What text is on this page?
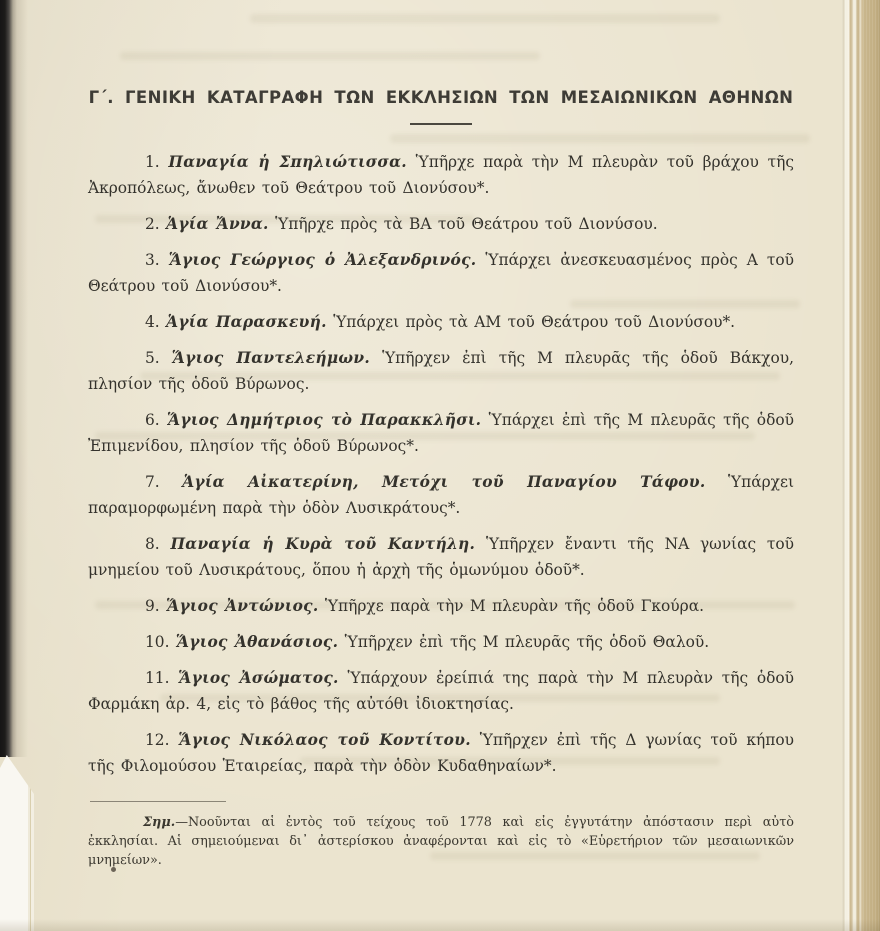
Γ΄. ΓΕΝΙΚΗ ΚΑΤΑΓΡΑΦΗ ΤΩΝ ΕΚΚΛΗΣΙΩΝ ΤΩΝ ΜΕΣΑΙΩΝΙΚΩΝ ΑΘΗΝΩΝ

1. Παναγία ἡ Σπηλιώτισσα. Ὑπῆρχε παρὰ τὴν Μ πλευρὰν τοῦ βράχου τῆς Ἀκροπόλεως, ἄνωθεν τοῦ Θεάτρου τοῦ Διονύσου*.

2. Ἁγία Ἄννα. Ὑπῆρχε πρὸς τὰ ΒΑ τοῦ Θεάτρου τοῦ Διονύσου.

3. Ἅγιος Γεώργιος ὁ Ἀλεξανδρινός. Ὑπάρχει ἀνεσκευασμένος πρὸς Α τοῦ Θεάτρου τοῦ Διονύσου*.

4. Ἁγία Παρασκευή. Ὑπάρχει πρὸς τὰ ΑΜ τοῦ Θεάτρου τοῦ Διονύσου*.

5. Ἅγιος Παντελεήμων. Ὑπῆρχεν ἐπὶ τῆς Μ πλευρᾶς τῆς ὁδοῦ Βάκχου, πλησίον τῆς ὁδοῦ Βύρωνος.

6. Ἅγιος Δημήτριος τὸ Παρακκλῆσι. Ὑπάρχει ἐπὶ τῆς Μ πλευρᾶς τῆς ὁδοῦ Ἐπιμενίδου, πλησίον τῆς ὁδοῦ Βύρωνος*.

7. Ἁγία Αἰκατερίνη, Μετόχι τοῦ Παναγίου Τάφου. Ὑπάρχει παραμορφωμένη παρὰ τὴν ὁδὸν Λυσικράτους*.

8. Παναγία ἡ Κυρὰ τοῦ Καντήλη. Ὑπῆρχεν ἔναντι τῆς ΝΑ γωνίας τοῦ μνημείου τοῦ Λυσικράτους, ὅπου ἡ ἀρχὴ τῆς ὁμωνύμου ὁδοῦ*.

9. Ἅγιος Ἀντώνιος. Ὑπῆρχε παρὰ τὴν Μ πλευρὰν τῆς ὁδοῦ Γκούρα.

10. Ἅγιος Ἀθανάσιος. Ὑπῆρχεν ἐπὶ τῆς Μ πλευρᾶς τῆς ὁδοῦ Θαλοῦ.

11. Ἅγιος Ἀσώματος. Ὑπάρχουν ἐρείπιά της παρὰ τὴν Μ πλευρὰν τῆς ὁδοῦ Φαρμάκη ἀρ. 4, εἰς τὸ βάθος τῆς αὐτόθι ἰδιοκτησίας.

12. Ἅγιος Νικόλαος τοῦ Κοντίτου. Ὑπῆρχεν ἐπὶ τῆς Δ γωνίας τοῦ κήπου τῆς Φιλομούσου Ἑταιρείας, παρὰ τὴν ὁδὸν Κυδαθηναίων*.

Σημ.—Νοοῦνται αἱ ἐντὸς τοῦ τείχους τοῦ 1778 καὶ εἰς ἐγγυτάτην ἀπόστασιν περὶ αὐτὸ ἐκκλησίαι. Αἱ σημειούμεναι δι᾽ ἀστερίσκου ἀναφέρονται καὶ εἰς τὸ «Εὑρετήριον τῶν μεσαιωνικῶν μνημείων».
